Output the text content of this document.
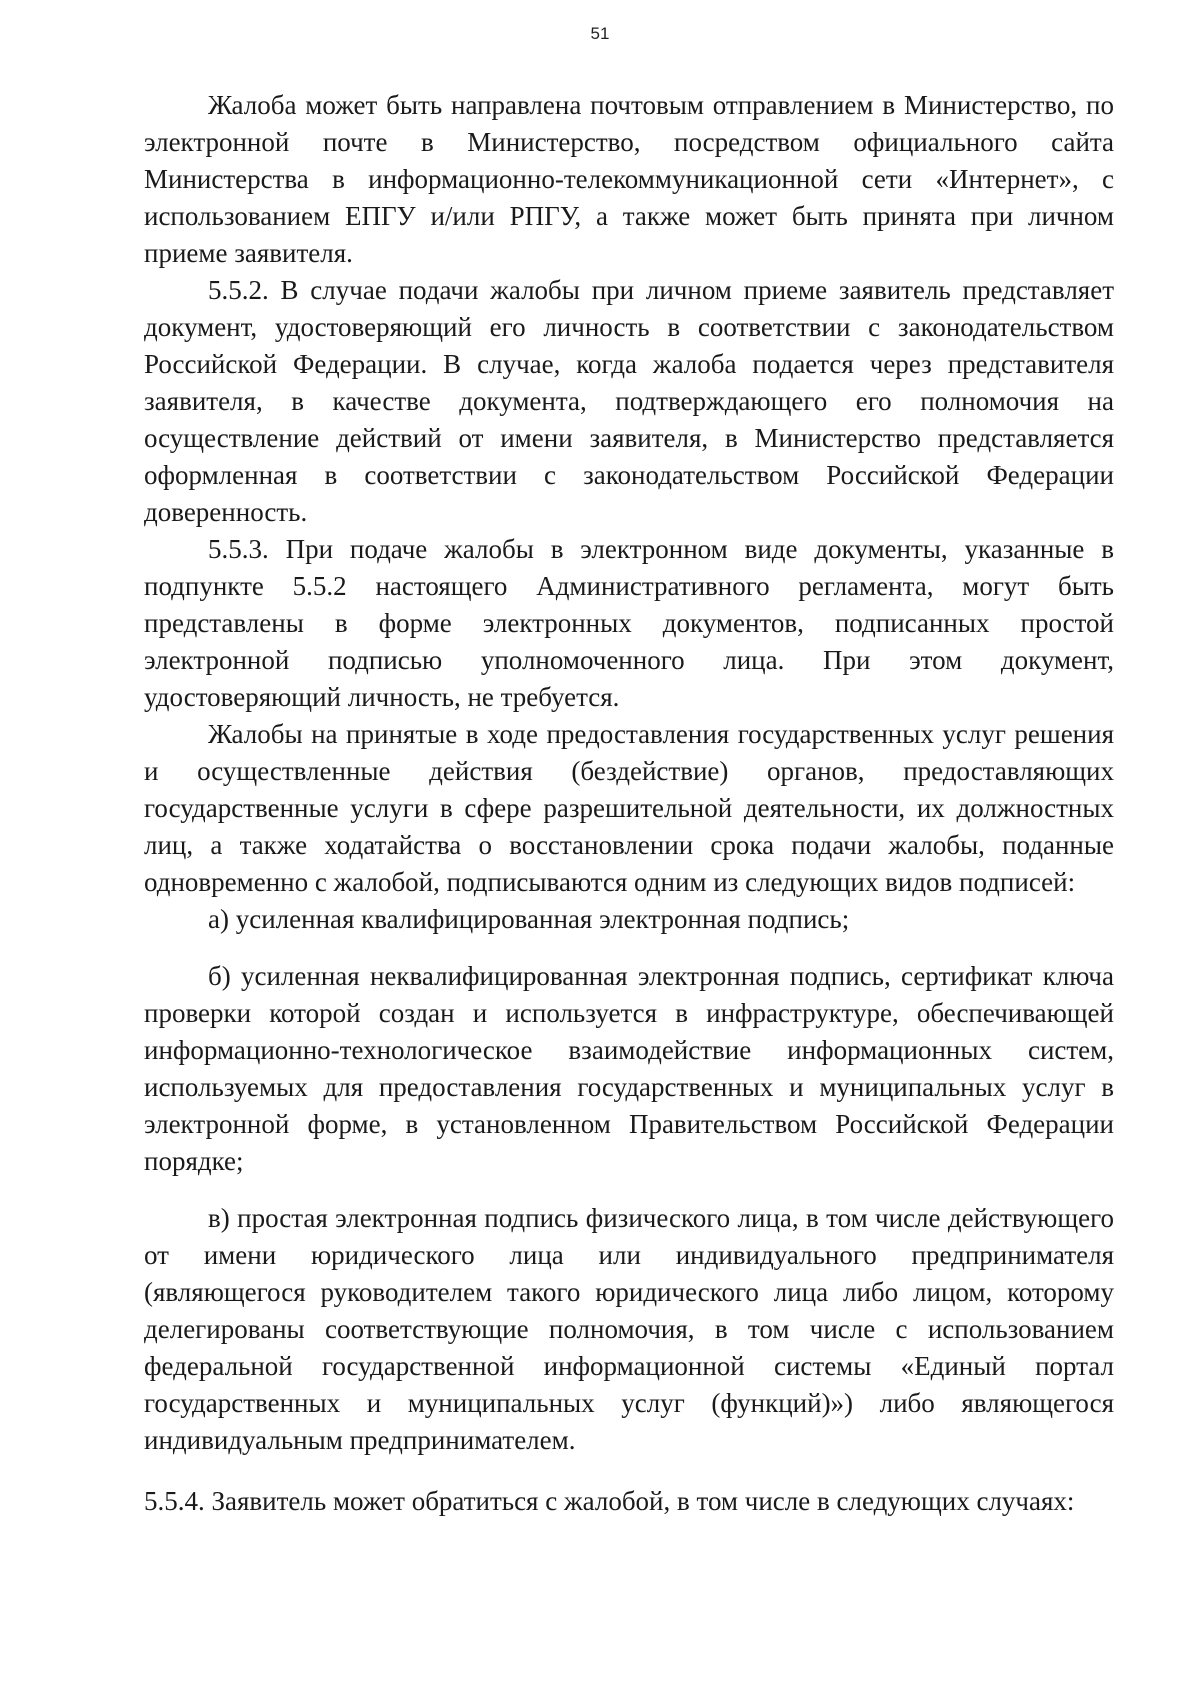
51

Жалоба может быть направлена почтовым отправлением в Министерство, по электронной почте в Министерство, посредством официального сайта Министерства в информационно-телекоммуникационной сети «Интернет», с использованием ЕПГУ и/или РПГУ, а также может быть принята при личном приеме заявителя.

5.5.2. В случае подачи жалобы при личном приеме заявитель представляет документ, удостоверяющий его личность в соответствии с законодательством Российской Федерации. В случае, когда жалоба подается через представителя заявителя, в качестве документа, подтверждающего его полномочия на осуществление действий от имени заявителя, в Министерство представляется оформленная в соответствии с законодательством Российской Федерации доверенность.

5.5.3. При подаче жалобы в электронном виде документы, указанные в подпункте 5.5.2 настоящего Административного регламента, могут быть представлены в форме электронных документов, подписанных простой электронной подписью уполномоченного лица. При этом документ, удостоверяющий личность, не требуется.

Жалобы на принятые в ходе предоставления государственных услуг решения и осуществленные действия (бездействие) органов, предоставляющих государственные услуги в сфере разрешительной деятельности, их должностных лиц, а также ходатайства о восстановлении срока подачи жалобы, поданные одновременно с жалобой, подписываются одним из следующих видов подписей:

а) усиленная квалифицированная электронная подпись;

б) усиленная неквалифицированная электронная подпись, сертификат ключа проверки которой создан и используется в инфраструктуре, обеспечивающей информационно-технологическое взаимодействие информационных систем, используемых для предоставления государственных и муниципальных услуг в электронной форме, в установленном Правительством Российской Федерации порядке;

в) простая электронная подпись физического лица, в том числе действующего от имени юридического лица или индивидуального предпринимателя (являющегося руководителем такого юридического лица либо лицом, которому делегированы соответствующие полномочия, в том числе с использованием федеральной государственной информационной системы «Единый портал государственных и муниципальных услуг (функций)») либо являющегося индивидуальным предпринимателем.

5.5.4. Заявитель может обратиться с жалобой, в том числе в следующих случаях:
